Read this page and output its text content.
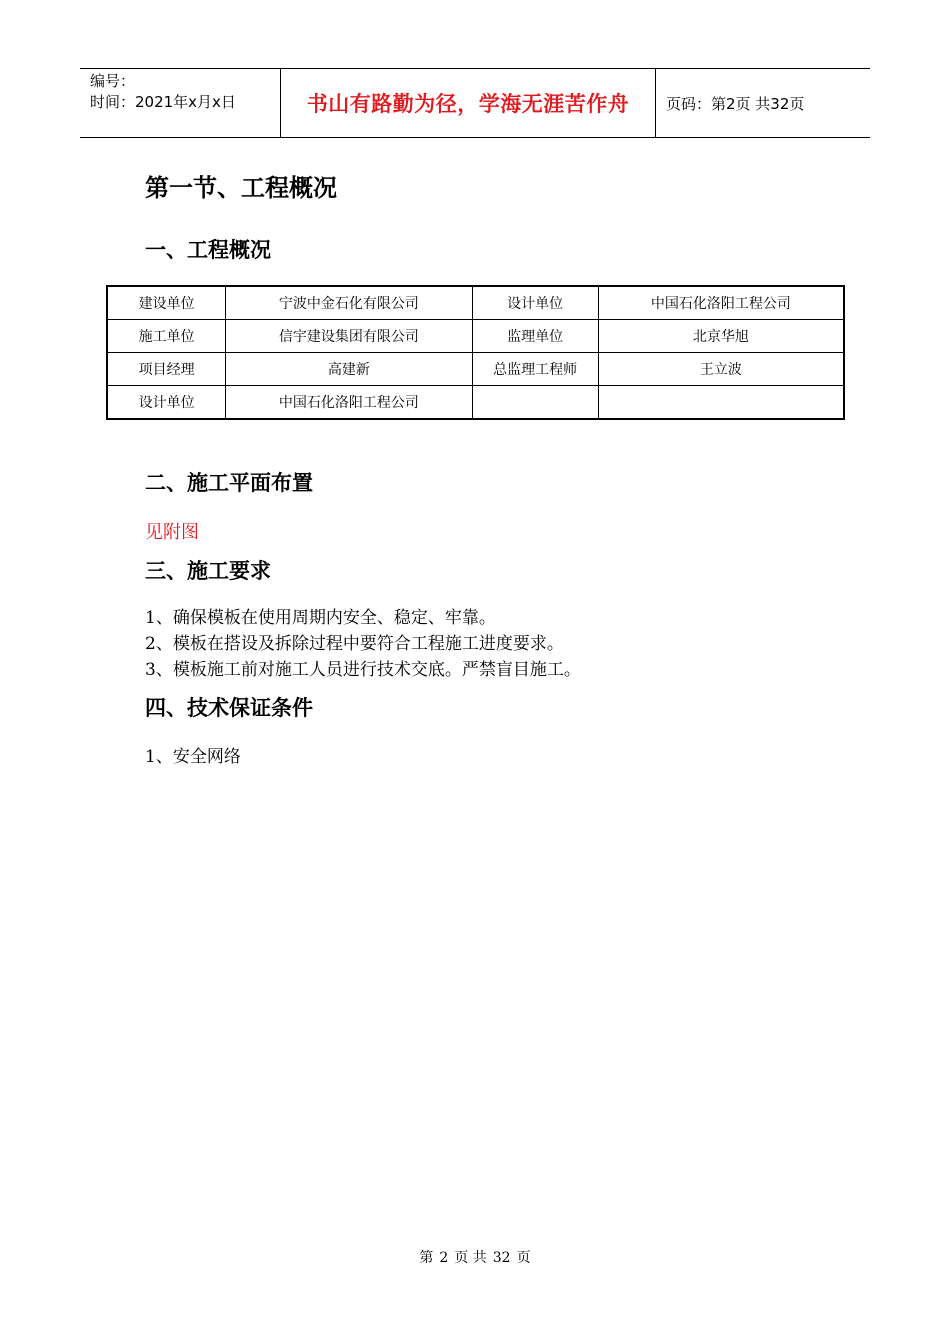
编号：
时间：2021年x月x日	书山有路勤为径，学海无涯苦作舟	页码：第2页 共32页
第一节、工程概况
一、工程概况
建设单位	宁波中金石化有限公司	设计单位	中国石化洛阳工程公司
施工单位	信宇建设集团有限公司	监理单位	北京华旭
项目经理	高建新	总监理工程师	王立波
设计单位	中国石化洛阳工程公司		
二、施工平面布置
见附图
三、施工要求
1、确保模板在使用周期内安全、稳定、牢靠。
2、模板在搭设及拆除过程中要符合工程施工进度要求。
3、模板施工前对施工人员进行技术交底。严禁盲目施工。
四、技术保证条件
1、安全网络
第 2 页 共 32 页
